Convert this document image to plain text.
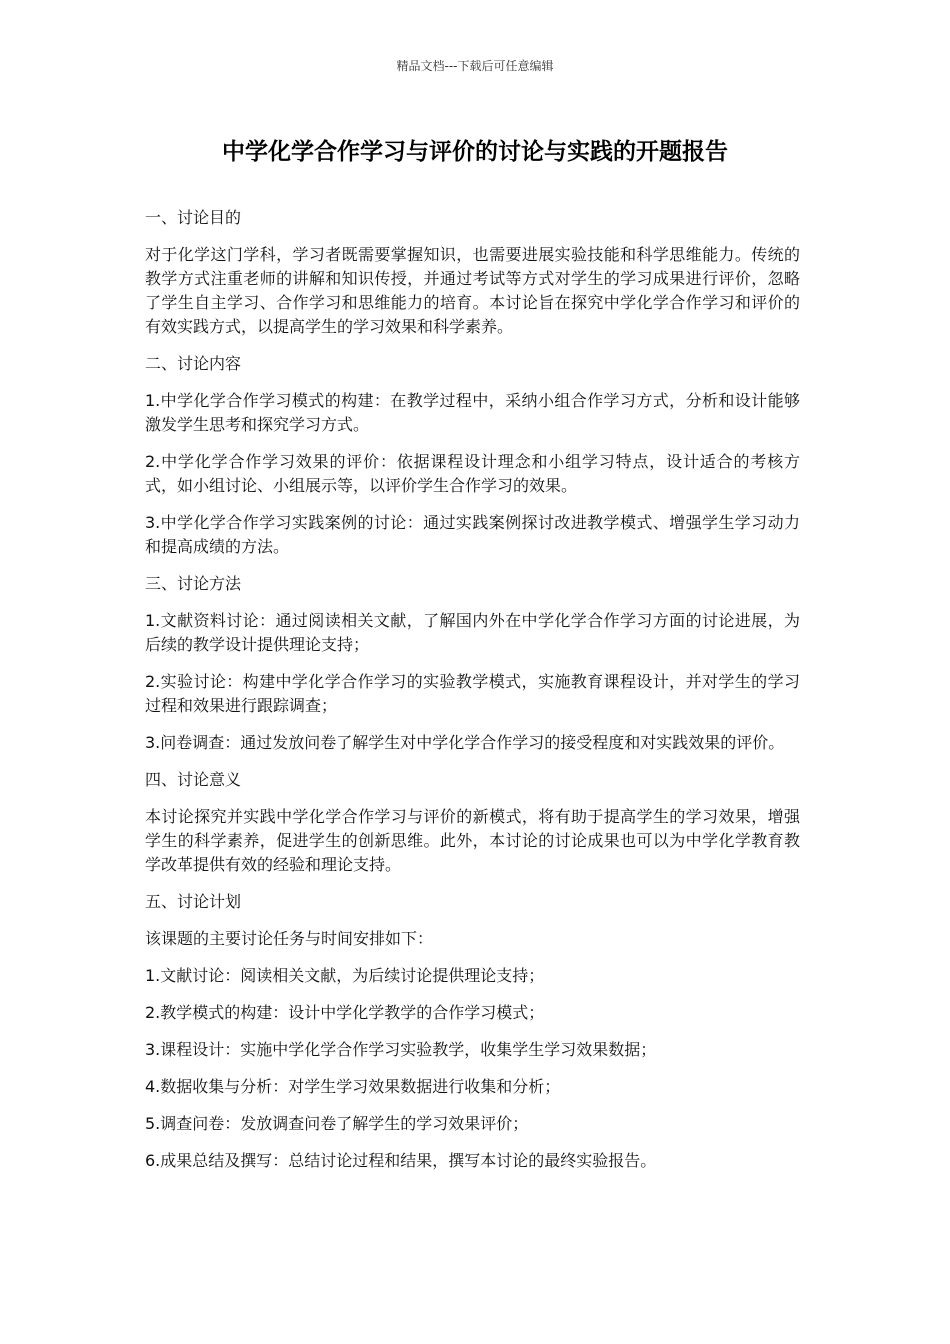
精品文档---下载后可任意编辑
中学化学合作学习与评价的讨论与实践的开题报告

一、讨论目的

对于化学这门学科，学习者既需要掌握知识，也需要进展实验技能和科学思维能力。传统的教学方式注重老师的讲解和知识传授，并通过考试等方式对学生的学习成果进行评价，忽略了学生自主学习、合作学习和思维能力的培育。本讨论旨在探究中学化学合作学习和评价的有效实践方式，以提高学生的学习效果和科学素养。

二、讨论内容

1.中学化学合作学习模式的构建：在教学过程中，采纳小组合作学习方式，分析和设计能够激发学生思考和探究学习方式。

2.中学化学合作学习效果的评价：依据课程设计理念和小组学习特点，设计适合的考核方式，如小组讨论、小组展示等，以评价学生合作学习的效果。

3.中学化学合作学习实践案例的讨论：通过实践案例探讨改进教学模式、增强学生学习动力和提高成绩的方法。

三、讨论方法

1.文献资料讨论：通过阅读相关文献，了解国内外在中学化学合作学习方面的讨论进展，为后续的教学设计提供理论支持；

2.实验讨论：构建中学化学合作学习的实验教学模式，实施教育课程设计，并对学生的学习过程和效果进行跟踪调查；

3.问卷调查：通过发放问卷了解学生对中学化学合作学习的接受程度和对实践效果的评价。

四、讨论意义

本讨论探究并实践中学化学合作学习与评价的新模式，将有助于提高学生的学习效果，增强学生的科学素养，促进学生的创新思维。此外，本讨论的讨论成果也可以为中学化学教育教学改革提供有效的经验和理论支持。

五、讨论计划

该课题的主要讨论任务与时间安排如下：

1.文献讨论：阅读相关文献，为后续讨论提供理论支持；

2.教学模式的构建：设计中学化学教学的合作学习模式；

3.课程设计：实施中学化学合作学习实验教学，收集学生学习效果数据；

4.数据收集与分析：对学生学习效果数据进行收集和分析；

5.调查问卷：发放调查问卷了解学生的学习效果评价；

6.成果总结及撰写：总结讨论过程和结果，撰写本讨论的最终实验报告。
